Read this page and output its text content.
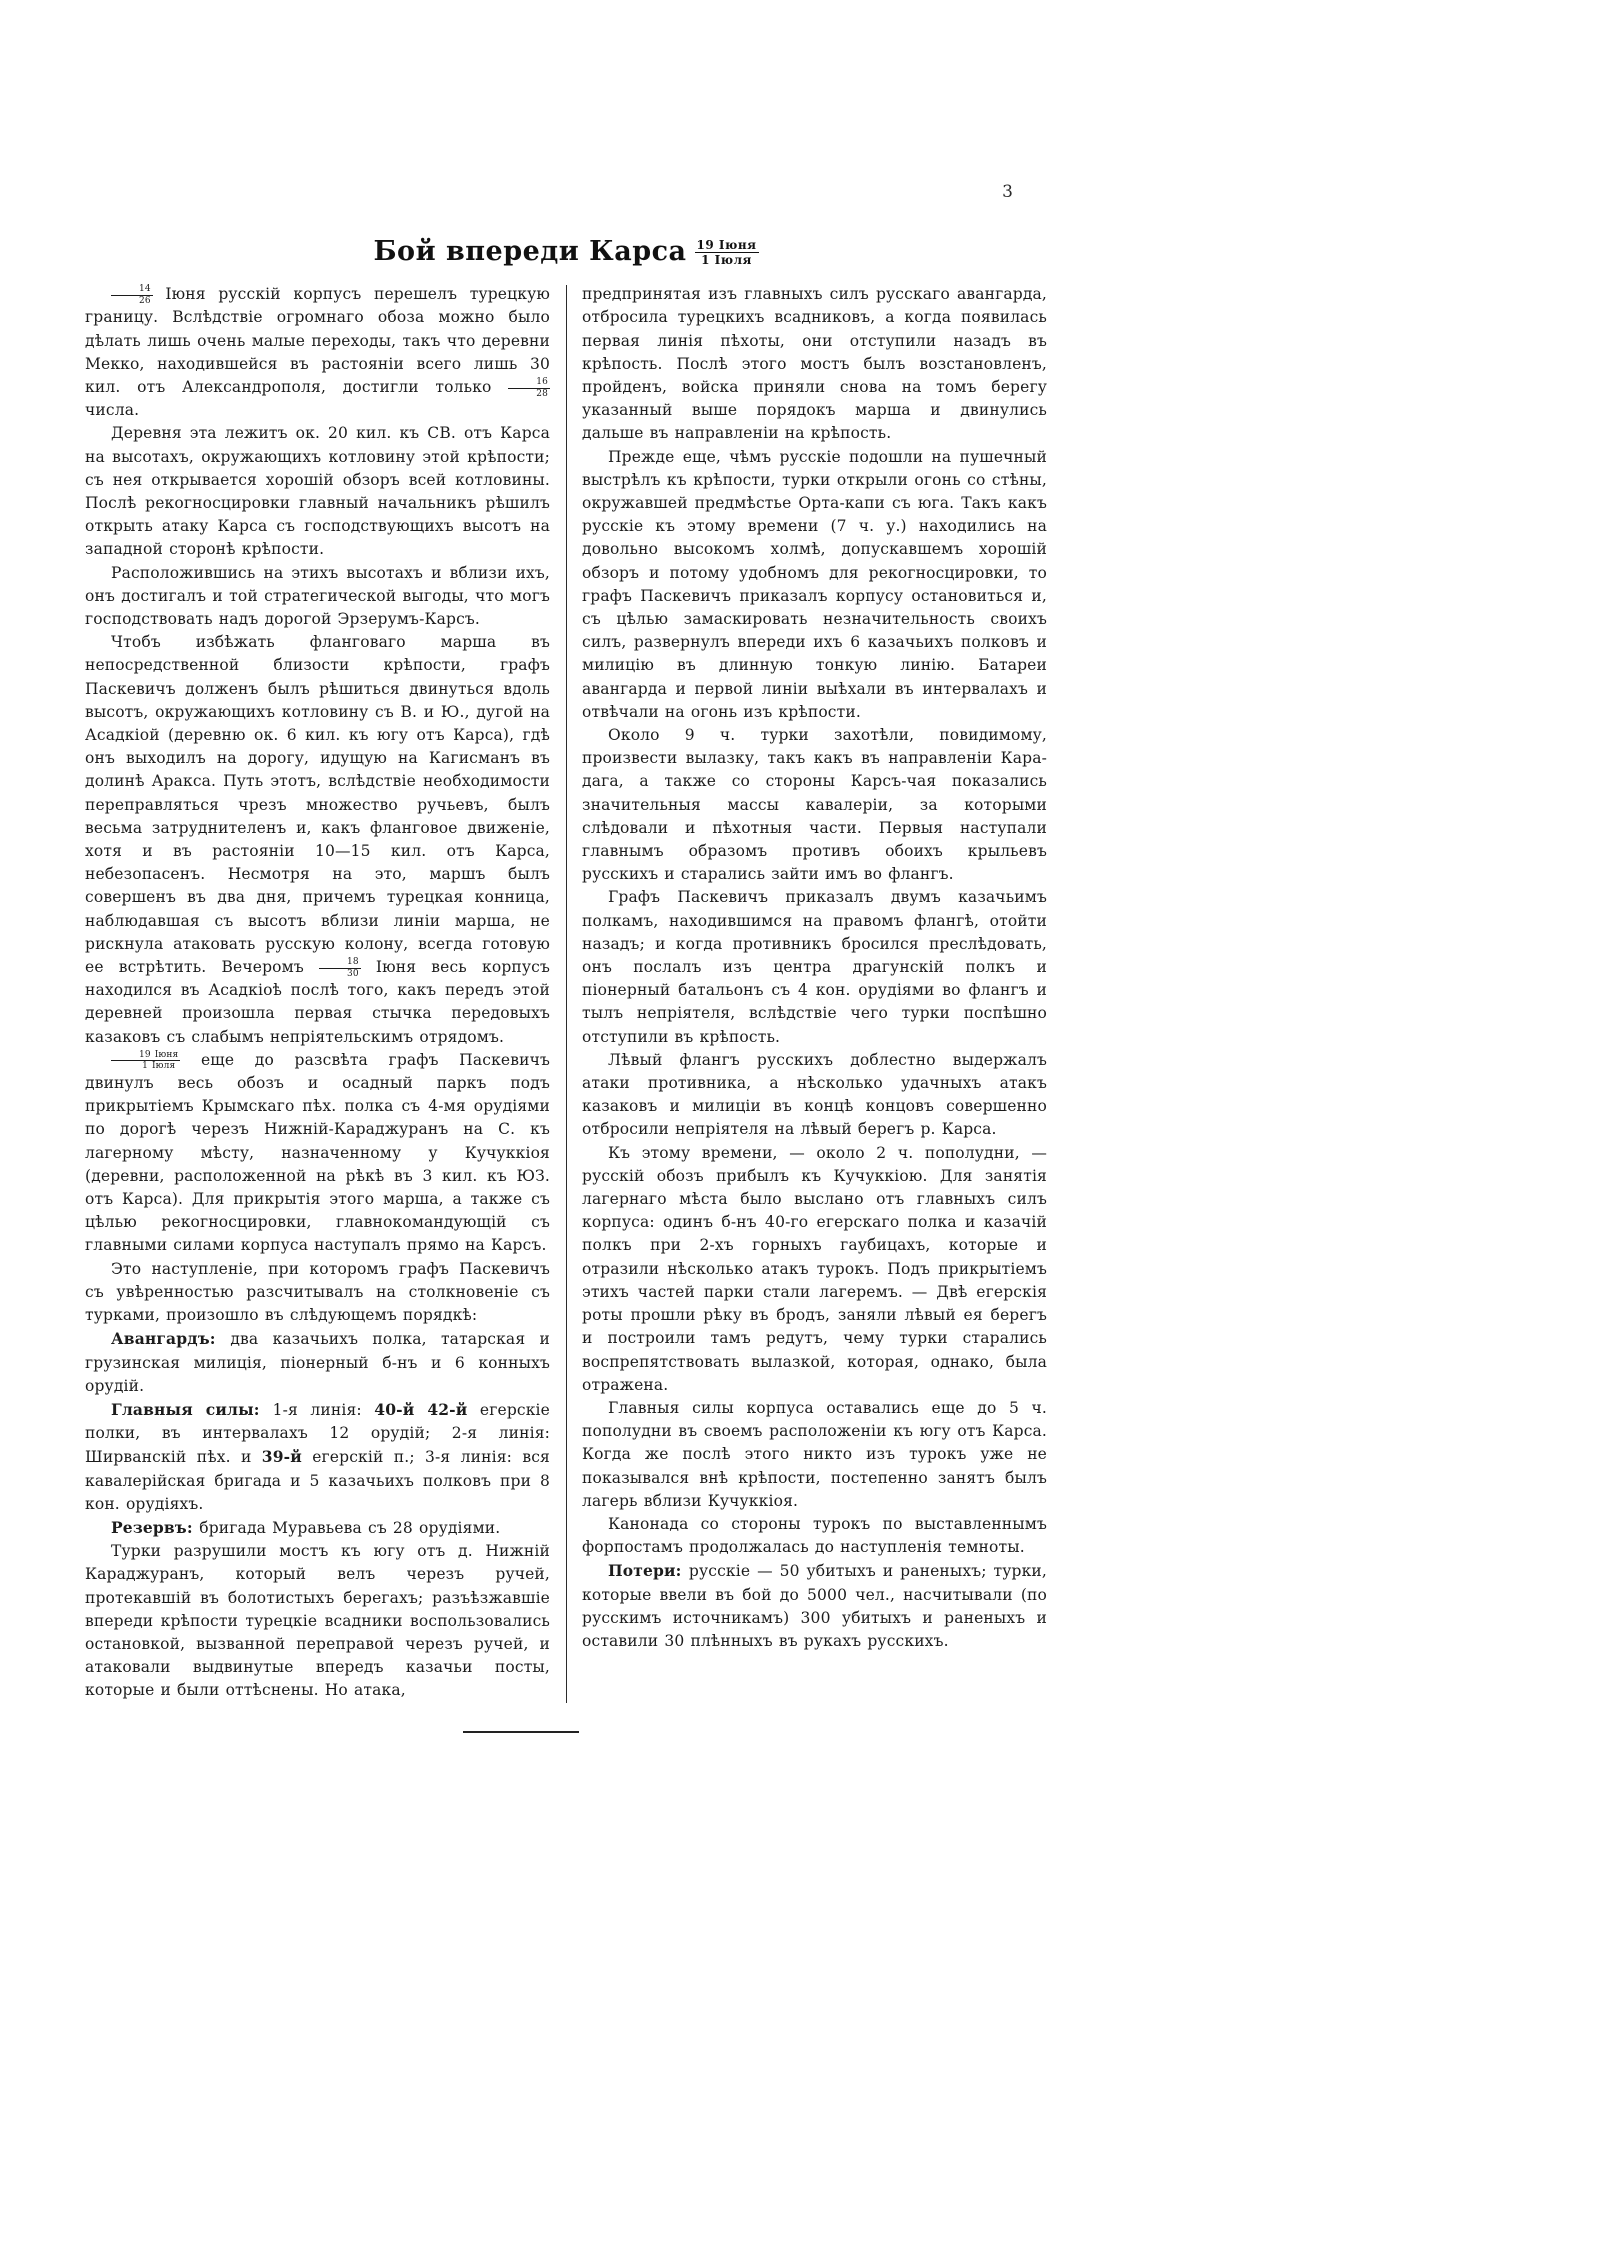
3
Бой впереди Карса $\frac{\text{19 Іюня}}{\text{1 Іюля}}$

$\frac{14}{26}$ Іюня русскій корпусъ перешелъ турецкую границу. Вслѣдствіе огромнаго обоза можно было дѣлать лишь очень малые переходы, такъ что деревни Мекко, находившейся въ растояніи всего лишь 30 кил. отъ Александрополя, достигли только $\frac{16}{28}$
числа.

Деревня эта лежитъ ок. 20 кил. къ СВ. отъ Карса на высотахъ, окружающихъ котловину этой крѣпости; съ нея открывается хорошій обзоръ всей котловины. Послѣ рекогносцировки главный начальникъ рѣшилъ открыть атаку Карса съ господствующихъ высотъ на западной сторонѣ крѣпости.

Расположившись на этихъ высотахъ и вблизи ихъ, онъ достигалъ и той стратегической выгоды, что могъ господствовать надъ дорогой Эрзерумъ-Карсъ.

Чтобъ избѣжать фланговаго марша въ непосредственной близости крѣпости, графъ Паскевичъ долженъ былъ рѣшиться двинуться вдоль высотъ, окружающихъ котловину съ В. и Ю., дугой на Асадкіой (деревню ок. 6 кил. къ югу отъ Карса), гдѣ онъ выходилъ на дорогу, идущую на Кагисманъ въ долинѣ Аракса. Путь этотъ, вслѣдствіе необходимости переправляться чрезъ множество ручьевъ, былъ весьма затруднителенъ и, какъ фланговое движеніе, хотя и въ растояніи 10—15 кил. отъ Карса, небезопасенъ. Несмотря на это, маршъ былъ совершенъ въ два дня, причемъ турецкая конница, наблюдавшая съ высотъ вблизи линіи марша, не рискнула атаковать русскую колону, всегда готовую ее встрѣтить. Вечеромъ $\frac{18}{30}$ Іюня весь корпусъ находился въ Асадкіоѣ послѣ того, какъ передъ этой деревней произошла первая стычка передовыхъ казаковъ съ слабымъ непріятельскимъ отрядомъ.

$\frac{\text{19 Іюня}}{\text{1 Іюля}}$ еще до разсвѣта графъ Паскевичъ двинулъ весь обозъ и осадный паркъ подъ прикрытіемъ Крымскаго пѣх. полка съ 4-мя орудіями по дорогѣ черезъ Нижній-Караджуранъ на С. къ лагерному мѣсту, назначенному у Кучуккіоя (деревни, расположенной на рѣкѣ въ 3 кил. къ ЮЗ. отъ Карса). Для прикрытія этого марша, а также съ цѣлью рекогносцировки, главнокомандующій съ главными силами корпуса наступалъ прямо на Карсъ.

Это наступленіе, при которомъ графъ Паскевичъ съ увѣренностью разсчитывалъ на столкновеніе съ турками, произошло въ слѣдующемъ порядкѣ:

Авангардъ: два казачьихъ полка, татарская и грузинская милиція, піонерный б-нъ и 6 конныхъ орудій.

Главныя силы: 1-я линія: 40-й 42-й егерскіе полки, въ интервалахъ 12 орудій; 2-я линія: Ширванскій пѣх. и 39-й егерскій п.; 3-я линія: вся кавалерійская бригада и 5 казачьихъ полковъ при 8 кон. орудіяхъ.

Резервъ: бригада Муравьева съ 28 орудіями.

Турки разрушили мостъ къ югу отъ д. Нижній Караджуранъ, который велъ черезъ ручей, протекавшій въ болотистыхъ берегахъ; разъѣзжавшіе впереди крѣпости турецкіе всадники воспользовались остановкой, вызванной переправой черезъ ручей, и атаковали выдвинутые впередъ казачьи посты, которые и были оттѣснены. Но атака,

предпринятая изъ главныхъ силъ русскаго авангарда, отбросила турецкихъ всадниковъ, а когда появилась первая линія пѣхоты, они отступили назадъ въ крѣпость. Послѣ этого мостъ былъ возстановленъ, пройденъ, войска приняли снова на томъ берегу указанный выше порядокъ марша и двинулись дальше въ направленіи на крѣпость.

Прежде еще, чѣмъ русскіе подошли на пушечный выстрѣлъ къ крѣпости, турки открыли огонь со стѣны, окружавшей предмѣстье Орта-капи съ юга. Такъ какъ русскіе къ этому времени (7 ч. у.) находились на довольно высокомъ холмѣ, допускавшемъ хорошій обзоръ и потому удобномъ для рекогносцировки, то графъ Паскевичъ приказалъ корпусу остановиться и, съ цѣлью замаскировать незначительность своихъ силъ, развернулъ впереди ихъ 6 казачьихъ полковъ и милицію въ длинную тонкую линію. Батареи авангарда и первой линіи выѣхали въ интервалахъ и отвѣчали на огонь изъ крѣпости.

Около 9 ч. турки захотѣли, повидимому, произвести вылазку, такъ какъ въ направленіи Кара-дага, а также со стороны Карсъ-чая показались значительныя массы кавалеріи, за которыми слѣдовали и пѣхотныя части. Первыя наступали главнымъ образомъ противъ обоихъ крыльевъ русскихъ и старались зайти имъ во флангъ.

Графъ Паскевичъ приказалъ двумъ казачьимъ полкамъ, находившимся на правомъ флангѣ, отойти назадъ; и когда противникъ бросился преслѣдовать, онъ послалъ изъ центра драгунскій полкъ и піонерный батальонъ съ 4 кон. орудіями во флангъ и тылъ непріятеля, вслѣдствіе чего турки поспѣшно отступили въ крѣпость.

Лѣвый флангъ русскихъ доблестно выдержалъ атаки противника, а нѣсколько удачныхъ атакъ казаковъ и милиціи въ концѣ концовъ совершенно отбросили непріятеля на лѣвый берегъ р. Карса.

Къ этому времени, — около 2 ч. пополудни, — русскій обозъ прибылъ къ Кучуккіою. Для занятія лагернаго мѣста было выслано отъ главныхъ силъ корпуса: одинъ б-нъ 40-го егерскаго полка и казачій полкъ при 2-хъ горныхъ гаубицахъ, которые и отразили нѣсколько атакъ турокъ. Подъ прикрытіемъ этихъ частей парки стали лагеремъ. — Двѣ егерскія роты прошли рѣку въ бродъ, заняли лѣвый ея берегъ и построили тамъ редутъ, чему турки старались воспрепятствовать вылазкой, которая, однако, была отражена.

Главныя силы корпуса оставались еще до 5 ч. пополудни въ своемъ расположеніи къ югу отъ Карса. Когда же послѣ этого никто изъ турокъ уже не показывался внѣ крѣпости, постепенно занятъ былъ лагерь вблизи Кучуккіоя.

Канонада со стороны турокъ по выставленнымъ форпостамъ продолжалась до наступленія темноты.

Потери: русскіе — 50 убитыхъ и раненыхъ; турки, которые ввели въ бой до 5000 чел., насчитывали (по русскимъ источникамъ) 300 убитыхъ и раненыхъ и оставили 30 плѣнныхъ въ рукахъ русскихъ.
